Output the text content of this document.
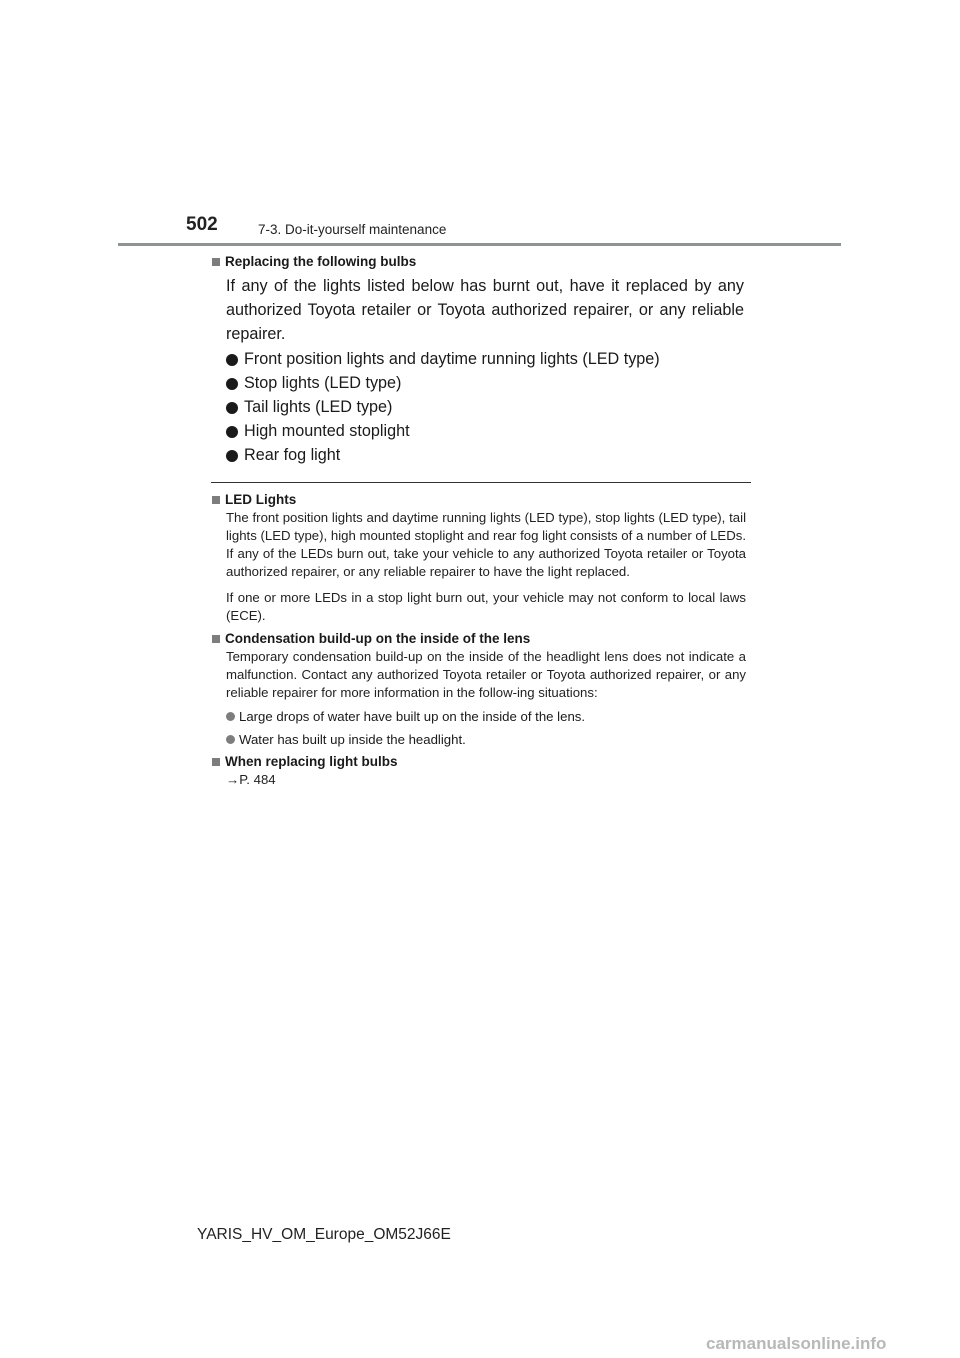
502	7-3. Do-it-yourself maintenance
Replacing the following bulbs
If any of the lights listed below has burnt out, have it replaced by any authorized Toyota retailer or Toyota authorized repairer, or any reliable repairer.
Front position lights and daytime running lights (LED type)
Stop lights (LED type)
Tail lights (LED type)
High mounted stoplight
Rear fog light
LED Lights
The front position lights and daytime running lights (LED type), stop lights (LED type), tail lights (LED type), high mounted stoplight and rear fog light consists of a number of LEDs. If any of the LEDs burn out, take your vehicle to any authorized Toyota retailer or Toyota authorized repairer, or any reliable repairer to have the light replaced.
If one or more LEDs in a stop light burn out, your vehicle may not conform to local laws (ECE).
Condensation build-up on the inside of the lens
Temporary condensation build-up on the inside of the headlight lens does not indicate a malfunction. Contact any authorized Toyota retailer or Toyota authorized repairer, or any reliable repairer for more information in the follow-ing situations:
Large drops of water have built up on the inside of the lens.
Water has built up inside the headlight.
When replacing light bulbs
→P. 484
YARIS_HV_OM_Europe_OM52J66E
carmanualsonline.info
